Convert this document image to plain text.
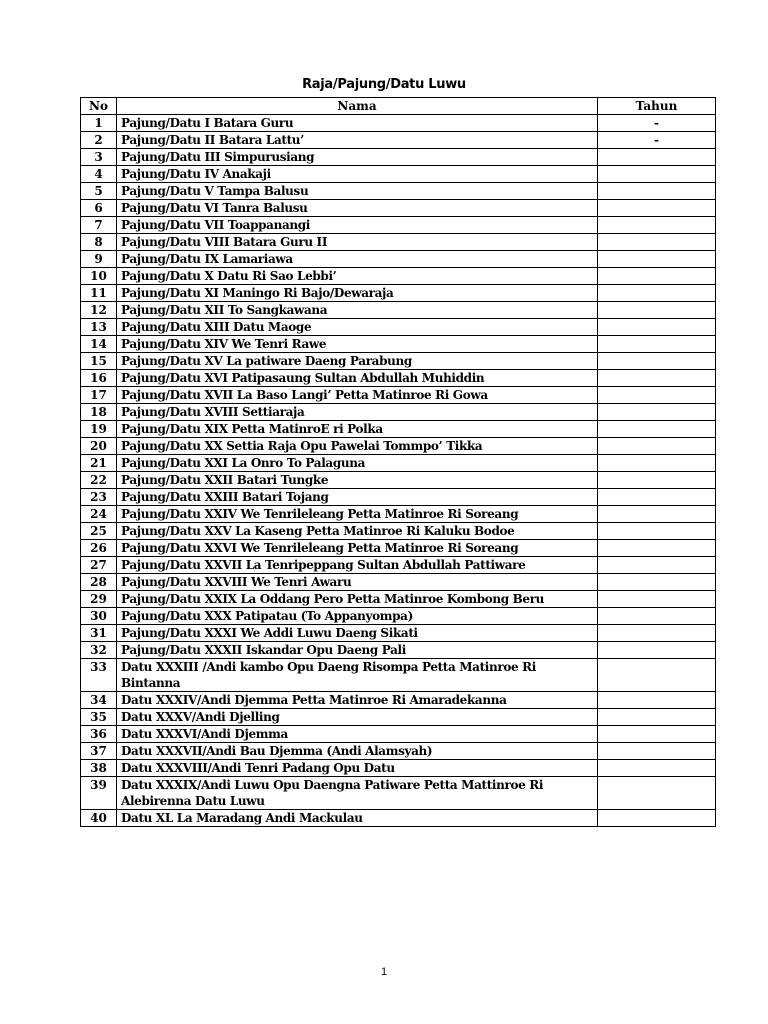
Raja/Pajung/Datu Luwu
No	Nama	Tahun
1	Pajung/Datu I Batara Guru	-
2	Pajung/Datu II Batara Lattu’	-
3	Pajung/Datu III Simpurusiang	
4	Pajung/Datu IV Anakaji	
5	Pajung/Datu V Tampa Balusu	
6	Pajung/Datu VI Tanra Balusu	
7	Pajung/Datu VII Toappanangi	
8	Pajung/Datu VIII Batara Guru II	
9	Pajung/Datu IX Lamariawa	
10	Pajung/Datu X Datu Ri Sao Lebbi’	
11	Pajung/Datu XI Maningo Ri Bajo/Dewaraja	
12	Pajung/Datu XII To Sangkawana	
13	Pajung/Datu XIII Datu Maoge	
14	Pajung/Datu XIV We Tenri Rawe	
15	Pajung/Datu XV La patiware Daeng Parabung	
16	Pajung/Datu XVI Patipasaung Sultan Abdullah Muhiddin	
17	Pajung/Datu XVII La Baso Langi’ Petta Matinroe Ri Gowa	
18	Pajung/Datu XVIII Settiaraja	
19	Pajung/Datu XIX Petta MatinroE ri Polka	
20	Pajung/Datu XX Settia Raja Opu Pawelai Tommpo’ Tikka	
21	Pajung/Datu XXI La Onro To Palaguna	
22	Pajung/Datu XXII Batari Tungke	
23	Pajung/Datu XXIII Batari Tojang	
24	Pajung/Datu XXIV We Tenrileleang Petta Matinroe Ri Soreang	
25	Pajung/Datu XXV La Kaseng Petta Matinroe Ri Kaluku Bodoe	
26	Pajung/Datu XXVI We Tenrileleang Petta Matinroe Ri Soreang	
27	Pajung/Datu XXVII La Tenripeppang Sultan Abdullah Pattiware	
28	Pajung/Datu XXVIII We Tenri Awaru	
29	Pajung/Datu XXIX La Oddang Pero Petta Matinroe Kombong Beru	
30	Pajung/Datu XXX Patipatau (To Appanyompa)	
31	Pajung/Datu XXXI We Addi Luwu Daeng Sikati	
32	Pajung/Datu XXXII Iskandar Opu Daeng Pali	
33	Datu XXXIII /Andi kambo Opu Daeng Risompa Petta Matinroe Ri Bintanna	
34	Datu XXXIV/Andi Djemma Petta Matinroe Ri Amaradekanna	
35	Datu XXXV/Andi Djelling	
36	Datu XXXVI/Andi Djemma	
37	Datu XXXVII/Andi Bau Djemma (Andi Alamsyah)	
38	Datu XXXVIII/Andi Tenri Padang Opu Datu	
39	Datu XXXIX/Andi Luwu Opu Daengna Patiware Petta Mattinroe Ri Alebirenna Datu Luwu	
40	Datu XL La Maradang Andi Mackulau	
1
